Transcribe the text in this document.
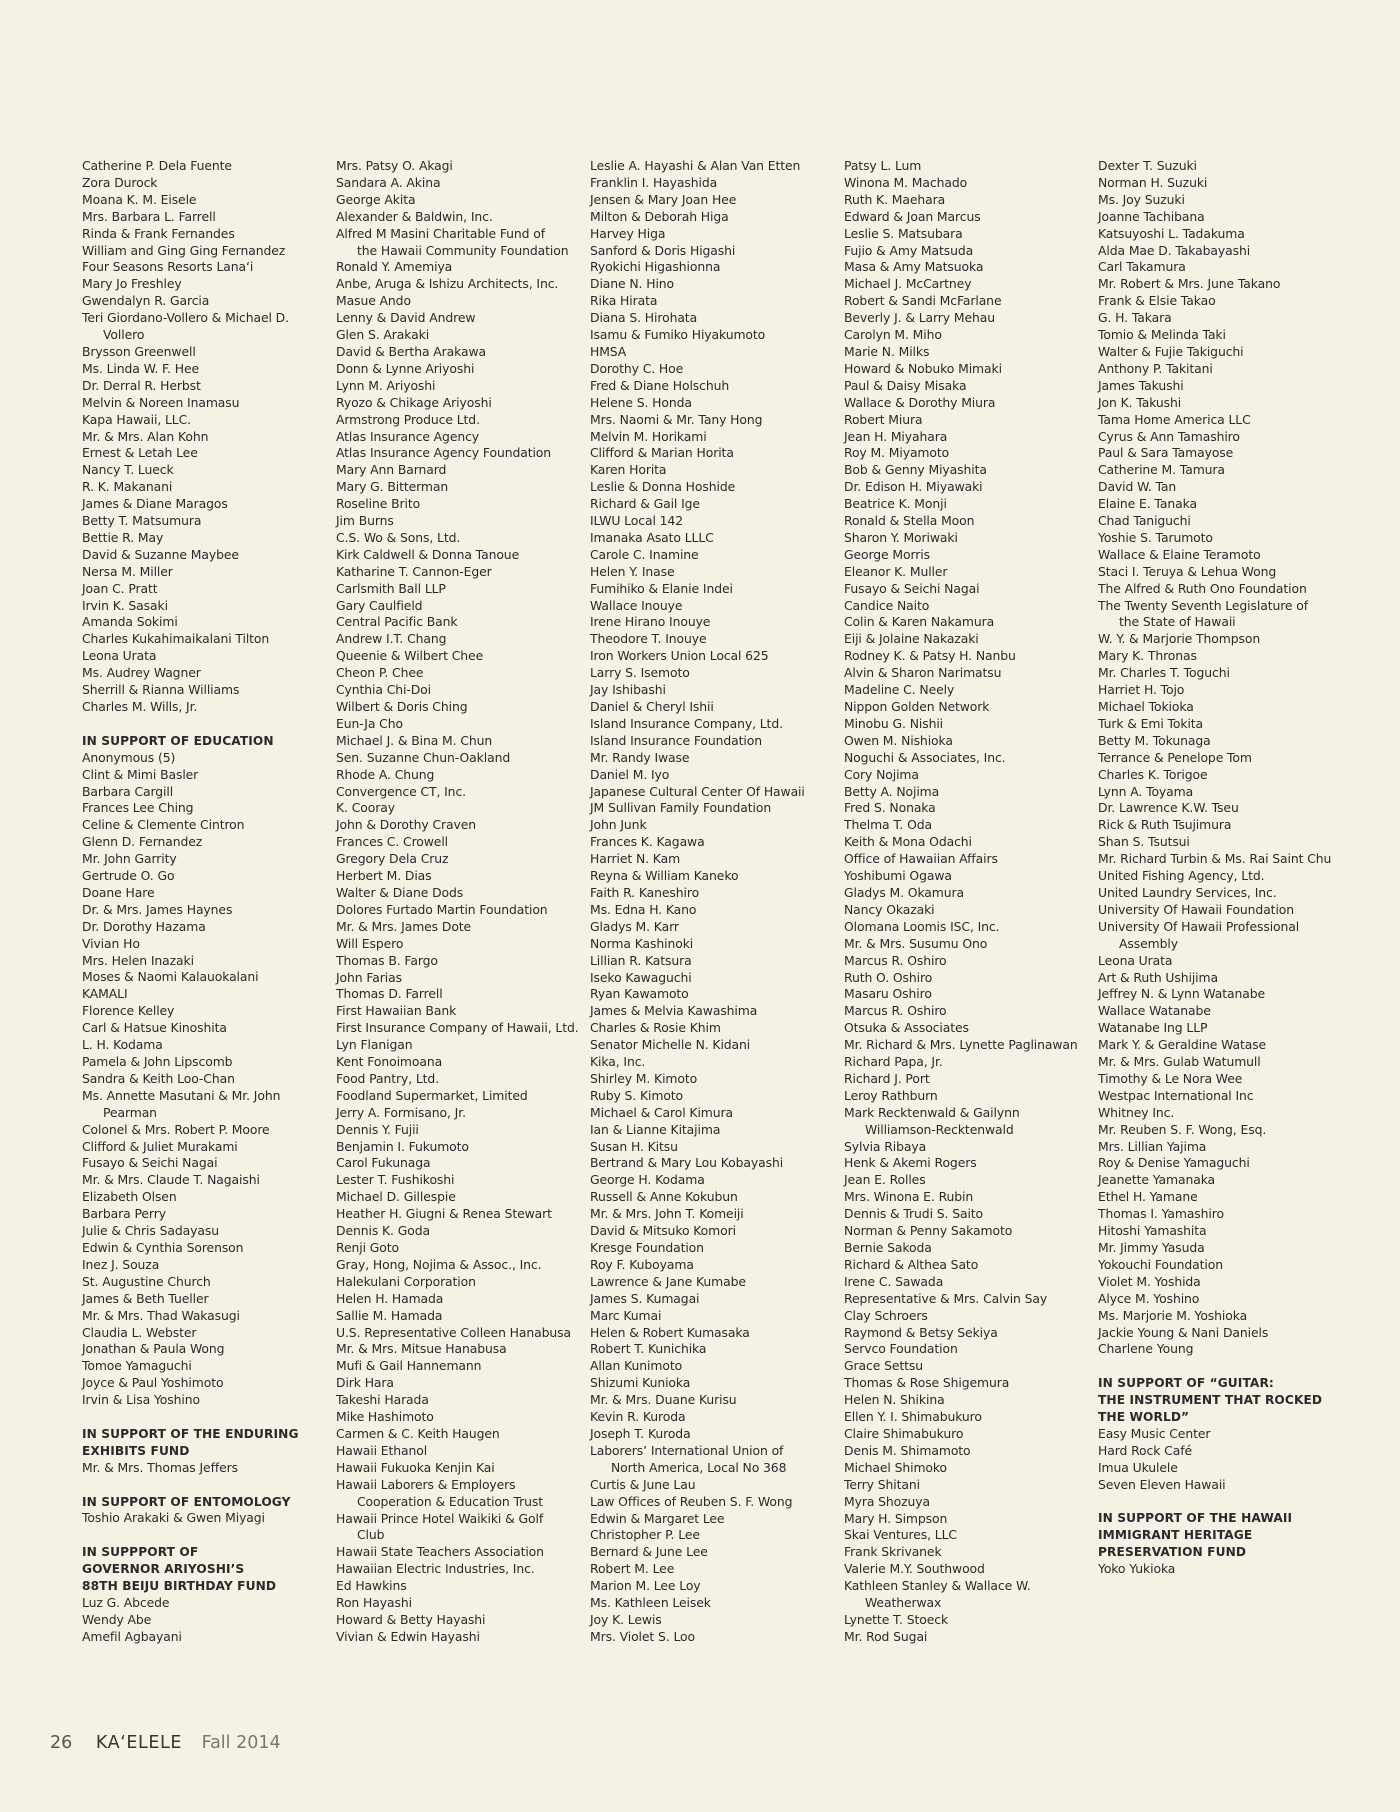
Catherine P. Dela Fuente
Zora Durock
Moana K. M. Eisele
Mrs. Barbara L. Farrell
Rinda & Frank Fernandes
William and Ging Ging Fernandez
Four Seasons Resorts Lana‘i
Mary Jo Freshley
Gwendalyn R. Garcia
Teri Giordano-Vollero & Michael D.
Vollero
Brysson Greenwell
Ms. Linda W. F. Hee
Dr. Derral R. Herbst
Melvin & Noreen Inamasu
Kapa Hawaii, LLC.
Mr. & Mrs. Alan Kohn
Ernest & Letah Lee
Nancy T. Lueck
R. K. Makanani
James & Diane Maragos
Betty T. Matsumura
Bettie R. May
David & Suzanne Maybee
Nersa M. Miller
Joan C. Pratt
Irvin K. Sasaki
Amanda Sokimi
Charles Kukahimaikalani Tilton
Leona Urata
Ms. Audrey Wagner
Sherrill & Rianna Williams
Charles M. Wills, Jr.
IN SUPPORT OF EDUCATION
Anonymous (5)
Clint & Mimi Basler
Barbara Cargill
Frances Lee Ching
Celine & Clemente Cintron
Glenn D. Fernandez
Mr. John Garrity
Gertrude O. Go
Doane Hare
Dr. & Mrs. James Haynes
Dr. Dorothy Hazama
Vivian Ho
Mrs. Helen Inazaki
Moses & Naomi Kalauokalani
KAMALI
Florence Kelley
Carl & Hatsue Kinoshita
L. H. Kodama
Pamela & John Lipscomb
Sandra & Keith Loo-Chan
Ms. Annette Masutani & Mr. John
Pearman
Colonel & Mrs. Robert P. Moore
Clifford & Juliet Murakami
Fusayo & Seichi Nagai
Mr. & Mrs. Claude T. Nagaishi
Elizabeth Olsen
Barbara Perry
Julie & Chris Sadayasu
Edwin & Cynthia Sorenson
Inez J. Souza
St. Augustine Church
James & Beth Tueller
Mr. & Mrs. Thad Wakasugi
Claudia L. Webster
Jonathan & Paula Wong
Tomoe Yamaguchi
Joyce & Paul Yoshimoto
Irvin & Lisa Yoshino
IN SUPPORT OF THE ENDURING
EXHIBITS FUND
Mr. & Mrs. Thomas Jeffers
IN SUPPORT OF ENTOMOLOGY
Toshio Arakaki & Gwen Miyagi
IN SUPPPORT OF
GOVERNOR ARIYOSHI’S
88TH BEIJU BIRTHDAY FUND
Luz G. Abcede
Wendy Abe
Amefil Agbayani
Mrs. Patsy O. Akagi
Sandara A. Akina
George Akita
Alexander & Baldwin, Inc.
Alfred M Masini Charitable Fund of
the Hawaii Community Foundation
Ronald Y. Amemiya
Anbe, Aruga & Ishizu Architects, Inc.
Masue Ando
Lenny & David Andrew
Glen S. Arakaki
David & Bertha Arakawa
Donn & Lynne Ariyoshi
Lynn M. Ariyoshi
Ryozo & Chikage Ariyoshi
Armstrong Produce Ltd.
Atlas Insurance Agency
Atlas Insurance Agency Foundation
Mary Ann Barnard
Mary G. Bitterman
Roseline Brito
Jim Burns
C.S. Wo & Sons, Ltd.
Kirk Caldwell & Donna Tanoue
Katharine T. Cannon-Eger
Carlsmith Ball LLP
Gary Caulfield
Central Pacific Bank
Andrew I.T. Chang
Queenie & Wilbert Chee
Cheon P. Chee
Cynthia Chi-Doi
Wilbert & Doris Ching
Eun-Ja Cho
Michael J. & Bina M. Chun
Sen. Suzanne Chun-Oakland
Rhode A. Chung
Convergence CT, Inc.
K. Cooray
John & Dorothy Craven
Frances C. Crowell
Gregory Dela Cruz
Herbert M. Dias
Walter & Diane Dods
Dolores Furtado Martin Foundation
Mr. & Mrs. James Dote
Will Espero
Thomas B. Fargo
John Farias
Thomas D. Farrell
First Hawaiian Bank
First Insurance Company of Hawaii, Ltd.
Lyn Flanigan
Kent Fonoimoana
Food Pantry, Ltd.
Foodland Supermarket, Limited
Jerry A. Formisano, Jr.
Dennis Y. Fujii
Benjamin I. Fukumoto
Carol Fukunaga
Lester T. Fushikoshi
Michael D. Gillespie
Heather H. Giugni & Renea Stewart
Dennis K. Goda
Renji Goto
Gray, Hong, Nojima & Assoc., Inc.
Halekulani Corporation
Helen H. Hamada
Sallie M. Hamada
U.S. Representative Colleen Hanabusa
Mr. & Mrs. Mitsue Hanabusa
Mufi & Gail Hannemann
Dirk Hara
Takeshi Harada
Mike Hashimoto
Carmen & C. Keith Haugen
Hawaii Ethanol
Hawaii Fukuoka Kenjin Kai
Hawaii Laborers & Employers
Cooperation & Education Trust
Hawaii Prince Hotel Waikiki & Golf
Club
Hawaii State Teachers Association
Hawaiian Electric Industries, Inc.
Ed Hawkins
Ron Hayashi
Howard & Betty Hayashi
Vivian & Edwin Hayashi
Leslie A. Hayashi & Alan Van Etten
Franklin I. Hayashida
Jensen & Mary Joan Hee
Milton & Deborah Higa
Harvey Higa
Sanford & Doris Higashi
Ryokichi Higashionna
Diane N. Hino
Rika Hirata
Diana S. Hirohata
Isamu & Fumiko Hiyakumoto
HMSA
Dorothy C. Hoe
Fred & Diane Holschuh
Helene S. Honda
Mrs. Naomi & Mr. Tany Hong
Melvin M. Horikami
Clifford & Marian Horita
Karen Horita
Leslie & Donna Hoshide
Richard & Gail Ige
ILWU Local 142
Imanaka Asato LLLC
Carole C. Inamine
Helen Y. Inase
Fumihiko & Elanie Indei
Wallace Inouye
Irene Hirano Inouye
Theodore T. Inouye
Iron Workers Union Local 625
Larry S. Isemoto
Jay Ishibashi
Daniel & Cheryl Ishii
Island Insurance Company, Ltd.
Island Insurance Foundation
Mr. Randy Iwase
Daniel M. Iyo
Japanese Cultural Center Of Hawaii
JM Sullivan Family Foundation
John Junk
Frances K. Kagawa
Harriet N. Kam
Reyna & William Kaneko
Faith R. Kaneshiro
Ms. Edna H. Kano
Gladys M. Karr
Norma Kashinoki
Lillian R. Katsura
Iseko Kawaguchi
Ryan Kawamoto
James & Melvia Kawashima
Charles & Rosie Khim
Senator Michelle N. Kidani
Kika, Inc.
Shirley M. Kimoto
Ruby S. Kimoto
Michael & Carol Kimura
Ian & Lianne Kitajima
Susan H. Kitsu
Bertrand & Mary Lou Kobayashi
George H. Kodama
Russell & Anne Kokubun
Mr. & Mrs. John T. Komeiji
David & Mitsuko Komori
Kresge Foundation
Roy F. Kuboyama
Lawrence & Jane Kumabe
James S. Kumagai
Marc Kumai
Helen & Robert Kumasaka
Robert T. Kunichika
Allan Kunimoto
Shizumi Kunioka
Mr. & Mrs. Duane Kurisu
Kevin R. Kuroda
Joseph T. Kuroda
Laborers’ International Union of
North America, Local No 368
Curtis & June Lau
Law Offices of Reuben S. F. Wong
Edwin & Margaret Lee
Christopher P. Lee
Bernard & June Lee
Robert M. Lee
Marion M. Lee Loy
Ms. Kathleen Leisek
Joy K. Lewis
Mrs. Violet S. Loo
Patsy L. Lum
Winona M. Machado
Ruth K. Maehara
Edward & Joan Marcus
Leslie S. Matsubara
Fujio & Amy Matsuda
Masa & Amy Matsuoka
Michael J. McCartney
Robert & Sandi McFarlane
Beverly J. & Larry Mehau
Carolyn M. Miho
Marie N. Milks
Howard & Nobuko Mimaki
Paul & Daisy Misaka
Wallace & Dorothy Miura
Robert Miura
Jean H. Miyahara
Roy M. Miyamoto
Bob & Genny Miyashita
Dr. Edison H. Miyawaki
Beatrice K. Monji
Ronald & Stella Moon
Sharon Y. Moriwaki
George Morris
Eleanor K. Muller
Fusayo & Seichi Nagai
Candice Naito
Colin & Karen Nakamura
Eiji & Jolaine Nakazaki
Rodney K. & Patsy H. Nanbu
Alvin & Sharon Narimatsu
Madeline C. Neely
Nippon Golden Network
Minobu G. Nishii
Owen M. Nishioka
Noguchi & Associates, Inc.
Cory Nojima
Betty A. Nojima
Fred S. Nonaka
Thelma T. Oda
Keith & Mona Odachi
Office of Hawaiian Affairs
Yoshibumi Ogawa
Gladys M. Okamura
Nancy Okazaki
Olomana Loomis ISC, Inc.
Mr. & Mrs. Susumu Ono
Marcus R. Oshiro
Ruth O. Oshiro
Masaru Oshiro
Marcus R. Oshiro
Otsuka & Associates
Mr. Richard & Mrs. Lynette Paglinawan
Richard Papa, Jr.
Richard J. Port
Leroy Rathburn
Mark Recktenwald & Gailynn
Williamson-Recktenwald
Sylvia Ribaya
Henk & Akemi Rogers
Jean E. Rolles
Mrs. Winona E. Rubin
Dennis & Trudi S. Saito
Norman & Penny Sakamoto
Bernie Sakoda
Richard & Althea Sato
Irene C. Sawada
Representative & Mrs. Calvin Say
Clay Schroers
Raymond & Betsy Sekiya
Servco Foundation
Grace Settsu
Thomas & Rose Shigemura
Helen N. Shikina
Ellen Y. I. Shimabukuro
Claire Shimabukuro
Denis M. Shimamoto
Michael Shimoko
Terry Shitani
Myra Shozuya
Mary H. Simpson
Skai Ventures, LLC
Frank Skrivanek
Valerie M.Y. Southwood
Kathleen Stanley & Wallace W.
Weatherwax
Lynette T. Stoeck
Mr. Rod Sugai
Dexter T. Suzuki
Norman H. Suzuki
Ms. Joy Suzuki
Joanne Tachibana
Katsuyoshi L. Tadakuma
Alda Mae D. Takabayashi
Carl Takamura
Mr. Robert & Mrs. June Takano
Frank & Elsie Takao
G. H. Takara
Tomio & Melinda Taki
Walter & Fujie Takiguchi
Anthony P. Takitani
James Takushi
Jon K. Takushi
Tama Home America LLC
Cyrus & Ann Tamashiro
Paul & Sara Tamayose
Catherine M. Tamura
David W. Tan
Elaine E. Tanaka
Chad Taniguchi
Yoshie S. Tarumoto
Wallace & Elaine Teramoto
Staci I. Teruya & Lehua Wong
The Alfred & Ruth Ono Foundation
The Twenty Seventh Legislature of
the State of Hawaii
W. Y. & Marjorie Thompson
Mary K. Thronas
Mr. Charles T. Toguchi
Harriet H. Tojo
Michael Tokioka
Turk & Emi Tokita
Betty M. Tokunaga
Terrance & Penelope Tom
Charles K. Torigoe
Lynn A. Toyama
Dr. Lawrence K.W. Tseu
Rick & Ruth Tsujimura
Shan S. Tsutsui
Mr. Richard Turbin & Ms. Rai Saint Chu
United Fishing Agency, Ltd.
United Laundry Services, Inc.
University Of Hawaii Foundation
University Of Hawaii Professional
Assembly
Leona Urata
Art & Ruth Ushijima
Jeffrey N. & Lynn Watanabe
Wallace Watanabe
Watanabe Ing LLP
Mark Y. & Geraldine Watase
Mr. & Mrs. Gulab Watumull
Timothy & Le Nora Wee
Westpac International Inc
Whitney Inc.
Mr. Reuben S. F. Wong, Esq.
Mrs. Lillian Yajima
Roy & Denise Yamaguchi
Jeanette Yamanaka
Ethel H. Yamane
Thomas I. Yamashiro
Hitoshi Yamashita
Mr. Jimmy Yasuda
Yokouchi Foundation
Violet M. Yoshida
Alyce M. Yoshino
Ms. Marjorie M. Yoshioka
Jackie Young & Nani Daniels
Charlene Young
IN SUPPORT OF “GUITAR:
THE INSTRUMENT THAT ROCKED
THE WORLD”
Easy Music Center
Hard Rock Café
Imua Ukulele
Seven Eleven Hawaii
IN SUPPORT OF THE HAWAII
IMMIGRANT HERITAGE
PRESERVATION FUND
Yoko Yukioka
26 KA‘ELELE Fall 2014
